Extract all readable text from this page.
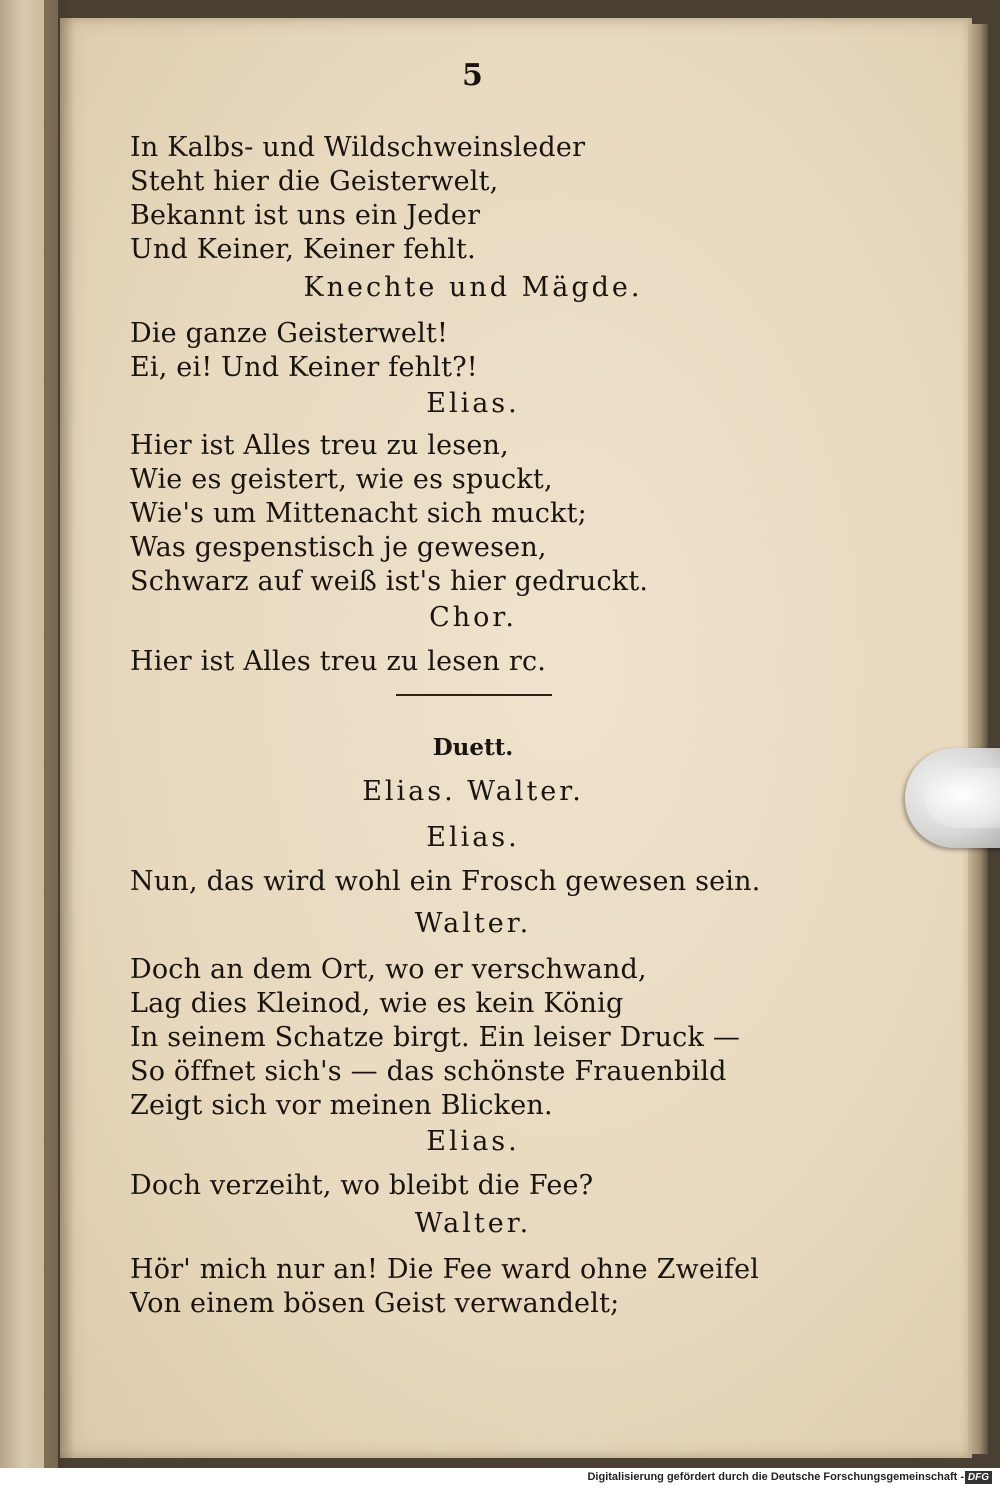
5
In Kalbs- und Wildschweinsleder
Steht hier die Geisterwelt,
Bekannt ist uns ein Jeder
Und Keiner, Keiner fehlt.
Knechte und Mägde.
Die ganze Geisterwelt!
Ei, ei! Und Keiner fehlt?!
Elias.
Hier ist Alles treu zu lesen,
Wie es geistert, wie es spuckt,
Wie's um Mittenacht sich muckt;
Was gespenstisch je gewesen,
Schwarz auf weiß ist's hier gedruckt.
Chor.
Hier ist Alles treu zu lesen rc.
Duett.
Elias. Walter.
Elias.
Nun, das wird wohl ein Frosch gewesen sein.
Walter.
Doch an dem Ort, wo er verschwand,
Lag dies Kleinod, wie es kein König
In seinem Schatze birgt. Ein leiser Druck —
So öffnet sich's — das schönste Frauenbild
Zeigt sich vor meinen Blicken.
Elias.
Doch verzeiht, wo bleibt die Fee?
Walter.
Hör' mich nur an! Die Fee ward ohne Zweifel
Von einem bösen Geist verwandelt;
Digitalisierung gefördert durch die Deutsche Forschungsgemeinschaft - DFG
